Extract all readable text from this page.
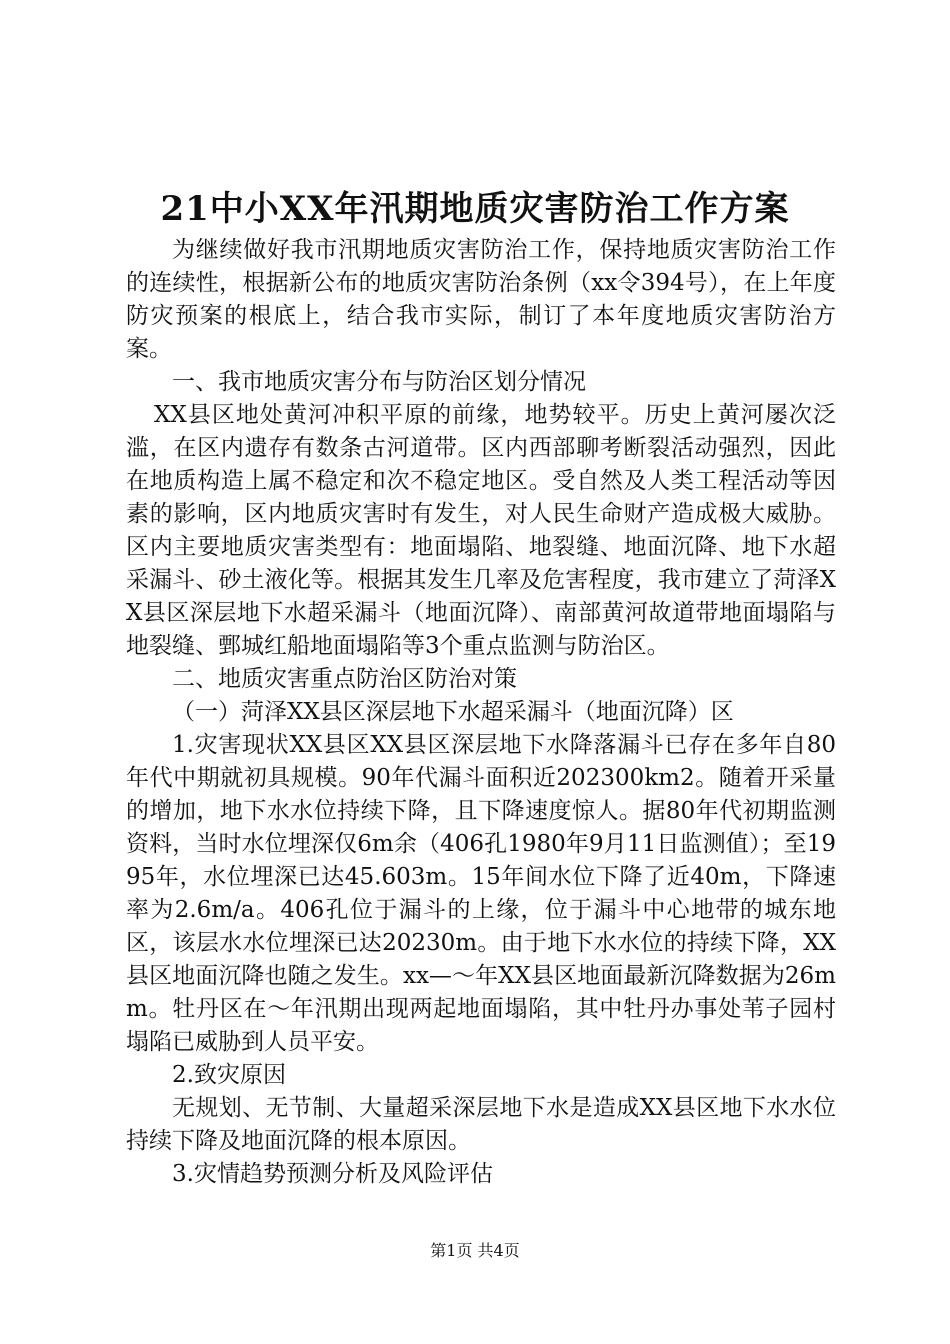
21中小XX年汛期地质灾害防治工作方案

为继续做好我市汛期地质灾害防治工作，保持地质灾害防治工作的连续性，根据新公布的地质灾害防治条例（xx令394号），在上年度防灾预案的根底上，结合我市实际，制订了本年度地质灾害防治方案。

一、我市地质灾害分布与防治区划分情况

XX县区地处黄河冲积平原的前缘，地势较平。历史上黄河屡次泛滥，在区内遗存有数条古河道带。区内西部聊考断裂活动强烈，因此在地质构造上属不稳定和次不稳定地区。受自然及人类工程活动等因素的影响，区内地质灾害时有发生，对人民生命财产造成极大威胁。区内主要地质灾害类型有：地面塌陷、地裂缝、地面沉降、地下水超采漏斗、砂土液化等。根据其发生几率及危害程度，我市建立了菏泽XX县区深层地下水超采漏斗（地面沉降）、南部黄河故道带地面塌陷与地裂缝、鄄城红船地面塌陷等3个重点监测与防治区。

二、地质灾害重点防治区防治对策

（一）菏泽XX县区深层地下水超采漏斗（地面沉降）区

1.灾害现状XX县区XX县区深层地下水降落漏斗已存在多年自80年代中期就初具规模。90年代漏斗面积近202300km2。随着开采量的增加，地下水水位持续下降，且下降速度惊人。据80年代初期监测资料，当时水位埋深仅6m余（406孔1980年9月11日监测值）；至1995年，水位埋深已达45.603m。15年间水位下降了近40m，下降速率为2.6m/a。406孔位于漏斗的上缘，位于漏斗中心地带的城东地区，该层水水位埋深已达20230m。由于地下水水位的持续下降，XX县区地面沉降也随之发生。xx—～年XX县区地面最新沉降数据为26mm。牡丹区在～年汛期出现两起地面塌陷，其中牡丹办事处苇子园村塌陷已威胁到人员平安。

2.致灾原因

无规划、无节制、大量超采深层地下水是造成XX县区地下水水位持续下降及地面沉降的根本原因。

3.灾情趋势预测分析及风险评估

第1页 共4页
